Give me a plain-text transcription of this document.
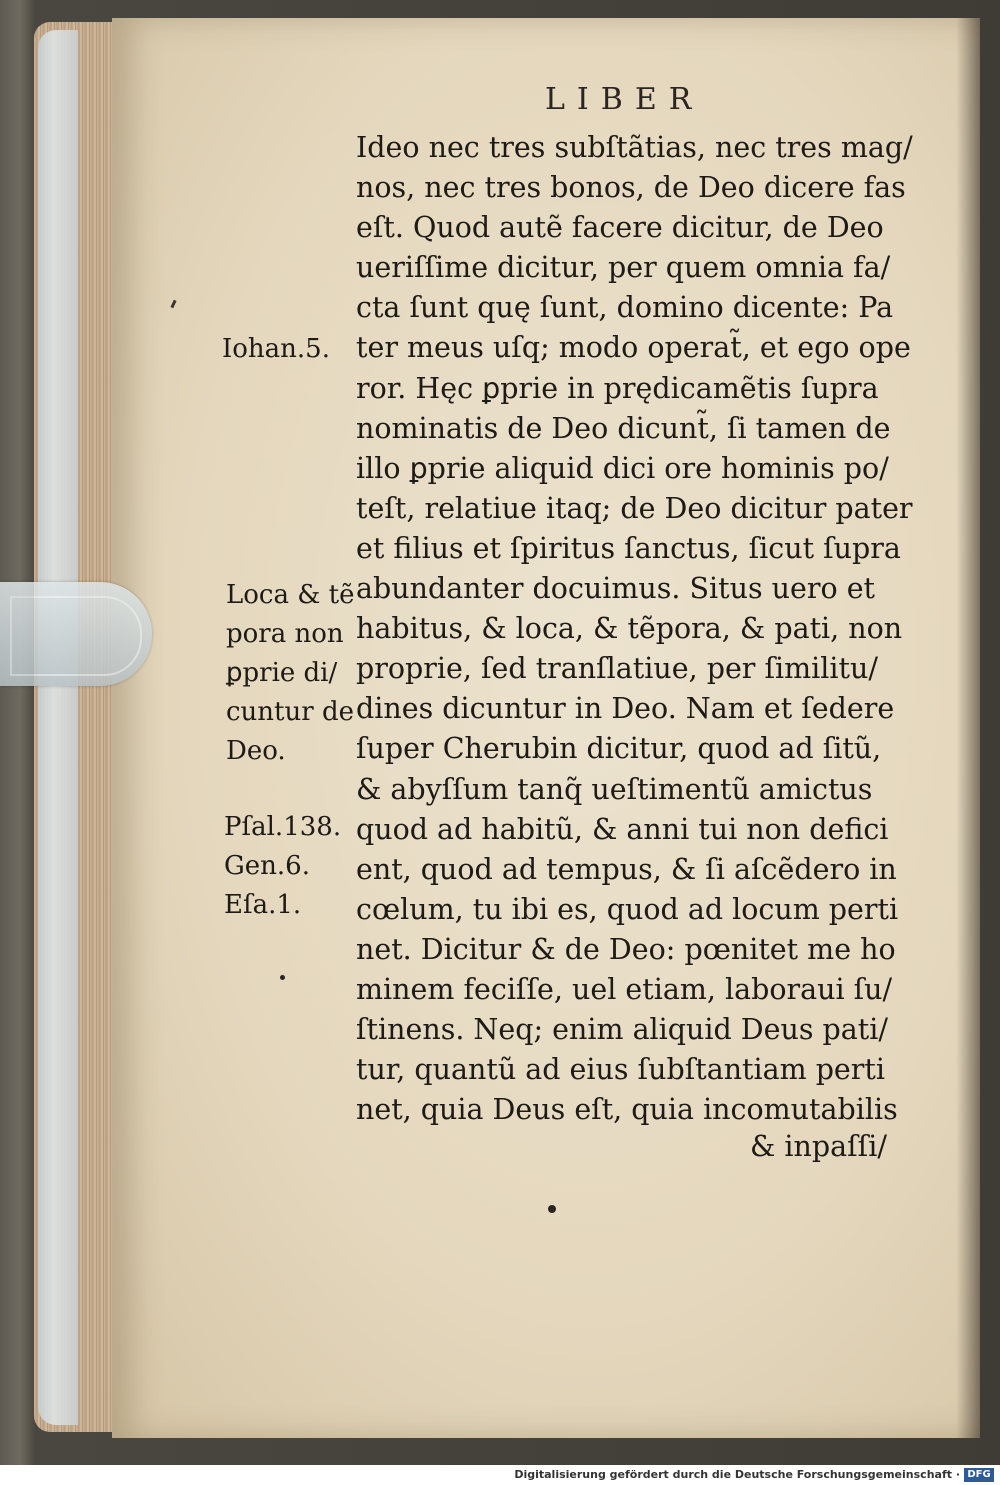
LIBER
Ideo nec tres subſtãtias, nec tres mag/
nos, nec tres bonos, de Deo dicere fas
eſt. Quod autẽ facere dicitur, de Deo
ueriſſime dicitur, per quem omnia fa/
cta ſunt quę ſunt, domino dicente: Pa
ter meus uſq; modo operat̃, et ego ope
ror. Hęc ꝑprie in prędicamẽtis ſupra
nominatis de Deo dicunt̃, ſi tamen de
illo ꝑprie aliquid dici ore hominis po/
teſt, relatiue itaq; de Deo dicitur pater
et filius et ſpiritus ſanctus, ſicut ſupra
abundanter docuimus. Situs uero et
habitus, & loca, & tẽpora, & pati, non
proprie, ſed tranſlatiue, per ſimilitu/
dines dicuntur in Deo. Nam et ſedere
ſuper Cherubin dicitur, quod ad ſitũ,
& abyſſum tanq̃ ueſtimentũ amictus
quod ad habitũ, & anni tui non defici
ent, quod ad tempus, & ſi aſcẽdero in
cœlum, tu ibi es, quod ad locum perti
net. Dicitur & de Deo: pœnitet me ho
minem feciſſe, uel etiam, laboraui ſu/
ſtinens. Neq; enim aliquid Deus pati/
tur, quantũ ad eius ſubſtantiam perti
net, quia Deus eſt, quia incomutabilis
& inpaſſi/
Iohan.5.
Loca & tẽ
pora non
ꝑprie di/
cuntur de
Deo.
Pſal.138.
Gen.6.
Eſa.1.
Digitalisierung gefördert durch die Deutsche Forschungsgemeinschaft · DFG
